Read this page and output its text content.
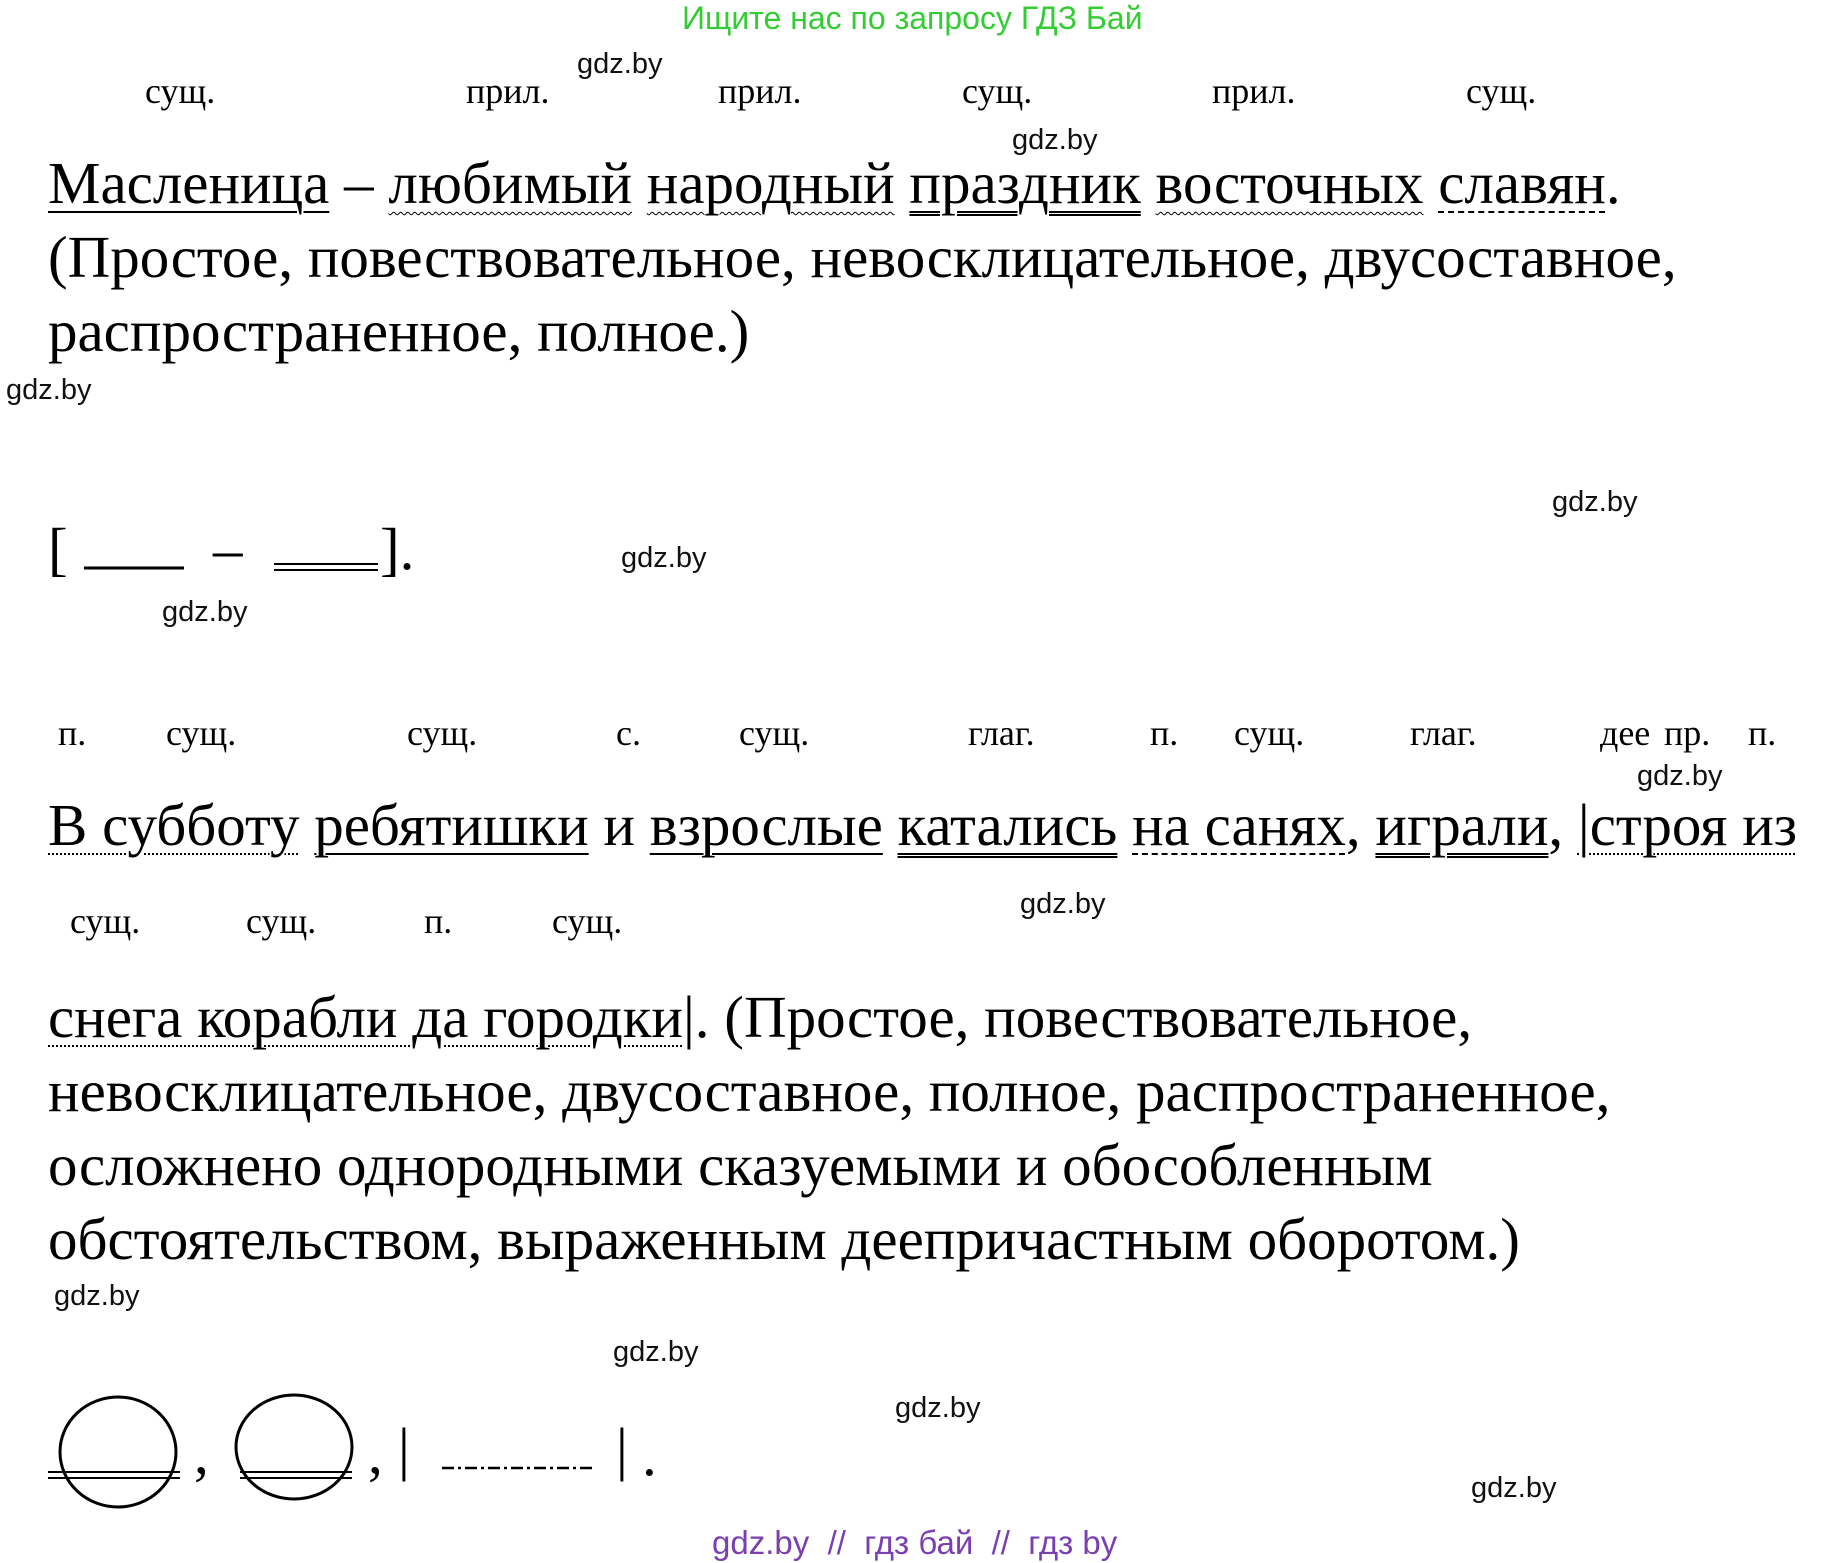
Ищите нас по запросу ГДЗ Бай
gdz.by
gdz.by
gdz.by
gdz.by
gdz.by
gdz.by
gdz.by
gdz.by
gdz.by
gdz.by
gdz.by
gdz.by
сущ.	прил.	прил.	сущ.	прил.	сущ.
Масленица – любимый народный праздник восточных славян.
(Простое, повествовательное, невосклицательное, двусоставное,
распространенное, полное.)
[ – ].
п. сущ.	сущ.	с.	сущ.	глаг.	п. сущ.	глаг.	дее пр. п.
В субботу ребятишки и взрослые катались на санях, играли, |строя из
сущ.	сущ.	п.	сущ.
снега корабли да городки|. (Простое, повествовательное,
невосклицательное, двусоставное, полное, распространенное,
осложнено однородными сказуемыми и обособленным
обстоятельством, выраженным деепричастным оборотом.)
,	, |	| .
gdz.by  //  гдз бай  //  гдз by
